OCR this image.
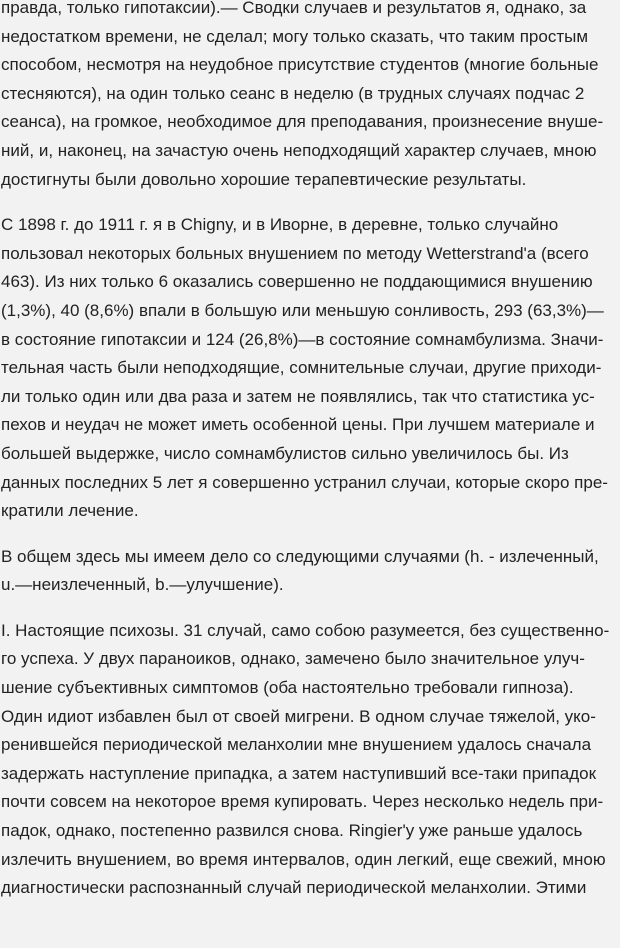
правда, только гипотаксии).— Сводки случаев и результатов я, однако, за
недостатком времени, не сделал; могу только сказать, что таким простым
способом, несмотря на неудобное присутствие студентов (многие больные
стесняются), на один только сеанс в неделю (в трудных случаях подчас 2
сеанса), на громкое, необходимое для преподавания, произнесение внуше-
ний, и, наконец, на зачастую очень неподходящий характер случаев, мною
достигнуты были довольно хорошие терапевтические результаты.
С 1898 г. до 1911 г. я в Chigny, и в Иворне, в деревне, только случайно
пользовал некоторых больных внушением по методу Wetterstrand'a (всего
463). Из них только 6 оказались совершенно не поддающимися внушению
(1,3%), 40 (8,6%) впали в большую или меньшую сонливость, 293 (63,3%)—
в состояние гипотаксии и 124 (26,8%)—в состояние сомнамбулизма. Значи-
тельная часть были неподходящие, сомнительные случаи, другие приходи-
ли только один или два раза и затем не появлялись, так что статистика ус-
пехов и неудач не может иметь особенной цены. При лучшем материале и
большей выдержке, число сомнамбулистов сильно увеличилось бы. Из
данных последних 5 лет я совершенно устранил случаи, которые скоро пре-
кратили лечение.
В общем здесь мы имеем дело со следующими случаями (h. - излеченный,
u.—неизлеченный, b.—улучшение).
I. Настоящие психозы. 31 случай, само собою разумеется, без существенно-
го успеха. У двух параноиков, однако, замечено было значительное улуч-
шение субъективных симптомов (оба настоятельно требовали гипноза).
Один идиот избавлен был от своей мигрени. В одном случае тяжелой, уко-
ренившейся периодической меланхолии мне внушением удалось сначала
задержать наступление припадка, а затем наступивший все-таки припадок
почти совсем на некоторое время купировать. Через несколько недель при-
падок, однако, постепенно развился снова. Ringier'у уже раньше удалось
излечить внушением, во время интервалов, один легкий, еще свежий, мною
диагностически распознанный случай периодической меланхолии. Этими
